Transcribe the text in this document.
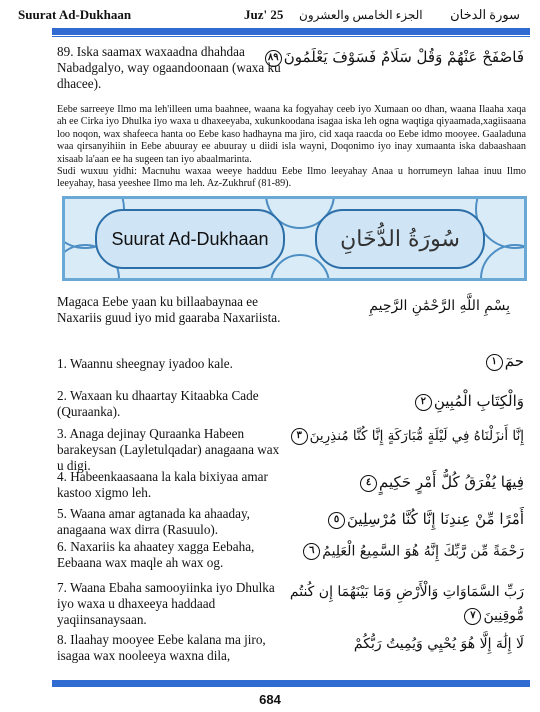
Suurat Ad-Dukhaan	Juz' 25 الجزء الخامس والعشرون سورة الدخان
89. Iska saamax waxaadna dhahdaa Nabadgalyo, way ogaandoonaan (waxa ku dhacee).
فَاصْفَحْ عَنْهُمْ وَقُلْ سَلَامٌ فَسَوْفَ يَعْلَمُونَ٨٩

Eebe sarreeye Ilmo ma leh'illeen uma baahnee, waana ka fogyahay ceeb iyo Xumaan oo dhan, waana Ilaaha xaqa ah ee Cirka iyo Dhulka iyo waxa u dhaxeeyaba, xukunkoodana isagaa iska leh ogna waqtiga qiyaamada,xagiisaana loo noqon, wax shafeeca hanta oo Eebe kaso hadhayna ma jiro, cid xaqa raacda oo Eebe idmo mooyee. Gaaladuna waa qirsanyihiin in Eebe abuuray ee abuuray u diidi isla wayni, Doqonimo iyo inay xumaanta iska dabaashaan xisaab la'aan ee ha sugeen tan iyo abaalmarinta.

Sudi wuxuu yidhi: Macnuhu waxaa weeye hadduu Eebe Ilmo leeyahay Anaa u horrumeyn lahaa inuu Ilmo leeyahay, hasa yeeshee Ilmo ma leh. Az-Zukhruf (81-89).

Suurat Ad-Dukhaan	سُورَةُ الدُّخَانِ
Magaca Eebe yaan ku billaabaynaa ee Naxariis guud iyo mid gaaraba Naxariista.
بِسْمِ اللَّهِ الرَّحْمَٰنِ الرَّحِيمِ
1. Waannu sheegnay iyadoo kale.	حمٓ١
2. Waxaan ku dhaartay Kitaabka Cade (Quraanka).
وَالْكِتَابِ الْمُبِينِ٢
3. Anaga dejinay Quraanka Habeen barakeysan (Layletulqadar) anagaana wax u digi.
إِنَّا أَنزَلْنَاهُ فِي لَيْلَةٍ مُّبَارَكَةٍ إِنَّا كُنَّا مُنذِرِينَ٣
4. Habeenkaasaana la kala bixiyaa amar kastoo xigmo leh.
فِيهَا يُفْرَقُ كُلُّ أَمْرٍ حَكِيمٍ٤
5. Waana amar agtanada ka ahaaday, anagaana wax dirra (Rasuulo).
أَمْرًا مِّنْ عِندِنَا إِنَّا كُنَّا مُرْسِلِينَ٥
6. Naxariis ka ahaatey xagga Eebaha, Eebaana wax maqle ah wax og.
رَحْمَةً مِّن رَّبِّكَ إِنَّهُ هُوَ السَّمِيعُ الْعَلِيمُ٦
7. Waana Ebaha samooyiinka iyo Dhulka iyo waxa u dhaxeeya haddaad yaqiinsanaysaan.
رَبِّ السَّمَاوَاتِ وَالْأَرْضِ وَمَا بَيْنَهُمَا إِن كُنتُم مُّوقِنِينَ٧
8. Ilaahay mooyee Eebe kalana ma jiro, isagaa wax nooleeya waxna dila,
لَا إِلَٰهَ إِلَّا هُوَ يُحْيِي وَيُمِيتُ رَبُّكُمْ
684
